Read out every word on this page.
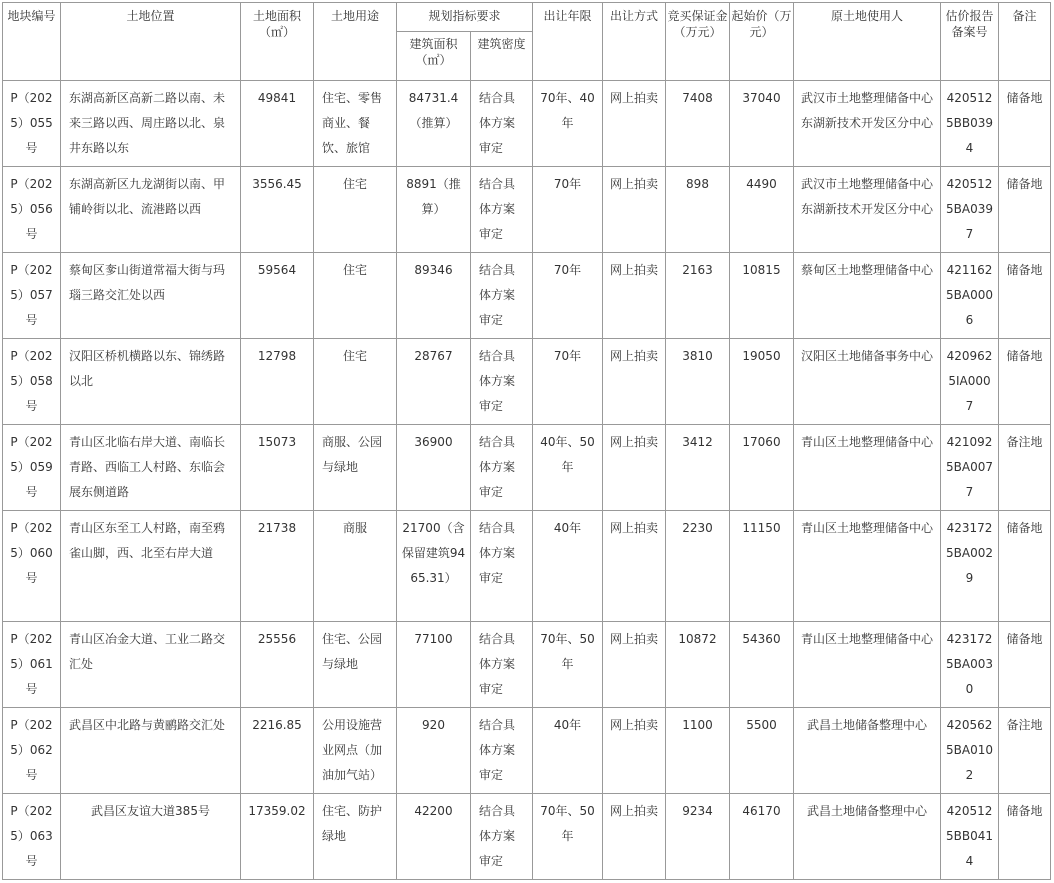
地块编号	土地位置	土地面积（㎡）	土地用途	规划指标要求		出让年限	出让方式	竞买保证金（万元）	起始价（万元）	原土地使用人	估价报告备案号	备注
				建筑面积（㎡）	建筑密度							
P（2025）055号	东湖高新区高新二路以南、未来三路以西、周庄路以北、泉井东路以东	49841	住宅、零售商业、餐饮、旅馆	84731.4（推算）	结合具体方案审定	70年、40年	网上拍卖	7408	37040	武汉市土地整理储备中心东湖新技术开发区分中心	4205125BB0394	储备地
P（2025）056号	东湖高新区九龙湖街以南、甲铺岭街以北、流港路以西	3556.45	住宅	8891（推算）	结合具体方案审定	70年	网上拍卖	898	4490	武汉市土地整理储备中心东湖新技术开发区分中心	4205125BA0397	储备地
P（2025）057号	蔡甸区奓山街道常福大街与玛瑙三路交汇处以西	59564	住宅	89346	结合具体方案审定	70年	网上拍卖	2163	10815	蔡甸区土地整理储备中心	4211625BA0006	储备地
P（2025）058号	汉阳区桥机横路以东、锦绣路以北	12798	住宅	28767	结合具体方案审定	70年	网上拍卖	3810	19050	汉阳区土地储备事务中心	4209625IA0007	储备地
P（2025）059号	青山区北临右岸大道、南临长青路、西临工人村路、东临会展东侧道路	15073	商服、公园与绿地	36900	结合具体方案审定	40年、50年	网上拍卖	3412	17060	青山区土地整理储备中心	4210925BA0077	备注地
P（2025）060号	青山区东至工人村路，南至鸦雀山脚，西、北至右岸大道	21738	商服	21700（含保留建筑9465.31）	结合具体方案审定	40年	网上拍卖	2230	11150	青山区土地整理储备中心	4231725BA0029	储备地
P（2025）061号	青山区冶金大道、工业二路交汇处	25556	住宅、公园与绿地	77100	结合具体方案审定	70年、50年	网上拍卖	10872	54360	青山区土地整理储备中心	4231725BA0030	储备地
P（2025）062号	武昌区中北路与黄鹂路交汇处	2216.85	公用设施营业网点（加油加气站）	920	结合具体方案审定	40年	网上拍卖	1100	5500	武昌土地储备整理中心	4205625BA0102	备注地
P（2025）063号	武昌区友谊大道385号	17359.02	住宅、防护绿地	42200	结合具体方案审定	70年、50年	网上拍卖	9234	46170	武昌土地储备整理中心	4205125BB0414	储备地
